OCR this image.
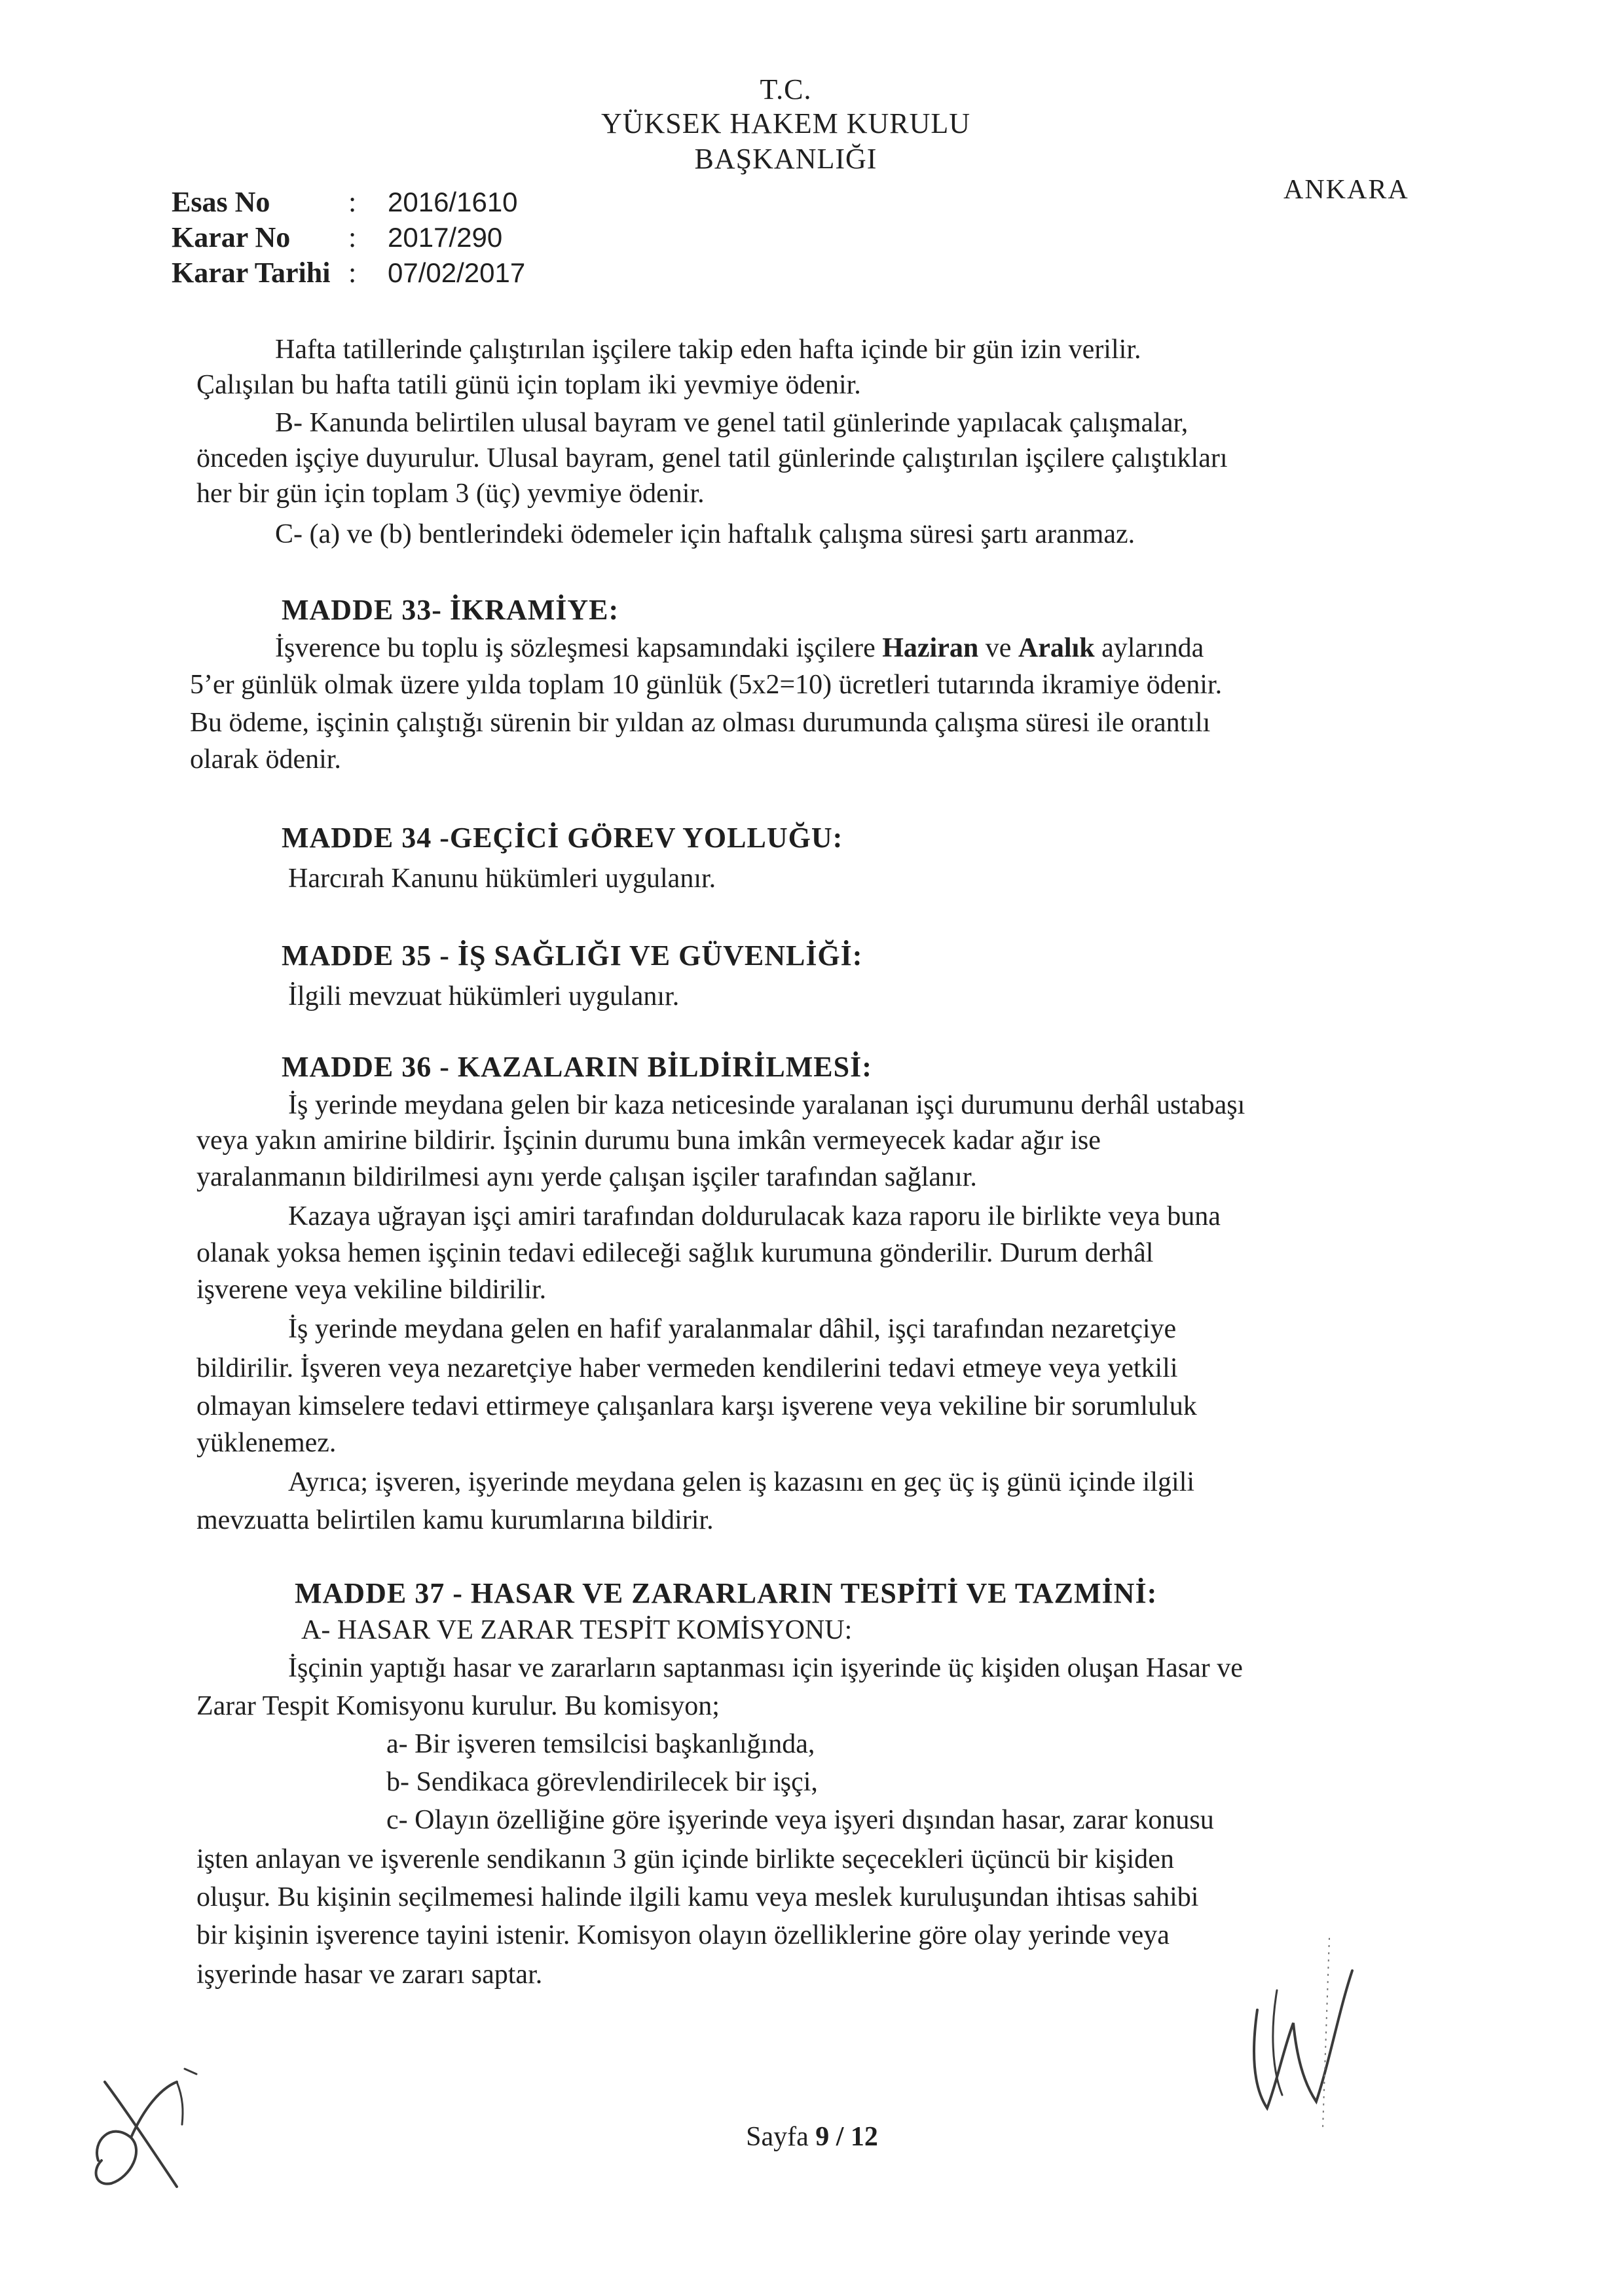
T.C.
YÜKSEK HAKEM KURULU
BAŞKANLIĞI
ANKARA
Esas No	: 2016/1610
Karar No : 2017/290
Karar Tarihi : 07/02/2017
Hafta tatillerinde çalıştırılan işçilere takip eden hafta içinde bir gün izin verilir.
Çalışılan bu hafta tatili günü için toplam iki yevmiye ödenir.
B- Kanunda belirtilen ulusal bayram ve genel tatil günlerinde yapılacak çalışmalar,
önceden işçiye duyurulur. Ulusal bayram, genel tatil günlerinde çalıştırılan işçilere çalıştıkları
her bir gün için toplam 3 (üç) yevmiye ödenir.
C- (a) ve (b) bentlerindeki ödemeler için haftalık çalışma süresi şartı aranmaz.
MADDE 33- İKRAMİYE:
İşverence bu toplu iş sözleşmesi kapsamındaki işçilere Haziran ve Aralık aylarında
5’er günlük olmak üzere yılda toplam 10 günlük (5x2=10) ücretleri tutarında ikramiye ödenir.
Bu ödeme, işçinin çalıştığı sürenin bir yıldan az olması durumunda çalışma süresi ile orantılı
olarak ödenir.
MADDE 34 -GEÇİCİ GÖREV YOLLUĞU:
Harcırah Kanunu hükümleri uygulanır.
MADDE 35 - İŞ SAĞLIĞI VE GÜVENLİĞİ:
İlgili mevzuat hükümleri uygulanır.
MADDE 36 - KAZALARIN BİLDİRİLMESİ:
İş yerinde meydana gelen bir kaza neticesinde yaralanan işçi durumunu derhâl ustabaşı
veya yakın amirine bildirir. İşçinin durumu buna imkân vermeyecek kadar ağır ise
yaralanmanın bildirilmesi aynı yerde çalışan işçiler tarafından sağlanır.
Kazaya uğrayan işçi amiri tarafından doldurulacak kaza raporu ile birlikte veya buna
olanak yoksa hemen işçinin tedavi edileceği sağlık kurumuna gönderilir. Durum derhâl
işverene veya vekiline bildirilir.
İş yerinde meydana gelen en hafif yaralanmalar dâhil, işçi tarafından nezaretçiye
bildirilir. İşveren veya nezaretçiye haber vermeden kendilerini tedavi etmeye veya yetkili
olmayan kimselere tedavi ettirmeye çalışanlara karşı işverene veya vekiline bir sorumluluk
yüklenemez.
Ayrıca; işveren, işyerinde meydana gelen iş kazasını en geç üç iş günü içinde ilgili
mevzuatta belirtilen kamu kurumlarına bildirir.
MADDE 37 - HASAR VE ZARARLARIN TESPİTİ VE TAZMİNİ:
A- HASAR VE ZARAR TESPİT KOMİSYONU:
İşçinin yaptığı hasar ve zararların saptanması için işyerinde üç kişiden oluşan Hasar ve
Zarar Tespit Komisyonu kurulur. Bu komisyon;
a- Bir işveren temsilcisi başkanlığında,
b- Sendikaca görevlendirilecek bir işçi,
c- Olayın özelliğine göre işyerinde veya işyeri dışından hasar, zarar konusu
işten anlayan ve işverenle sendikanın 3 gün içinde birlikte seçecekleri üçüncü bir kişiden
oluşur. Bu kişinin seçilmemesi halinde ilgili kamu veya meslek kuruluşundan ihtisas sahibi
bir kişinin işverence tayini istenir. Komisyon olayın özelliklerine göre olay yerinde veya
işyerinde hasar ve zararı saptar.
Sayfa 9 / 12
